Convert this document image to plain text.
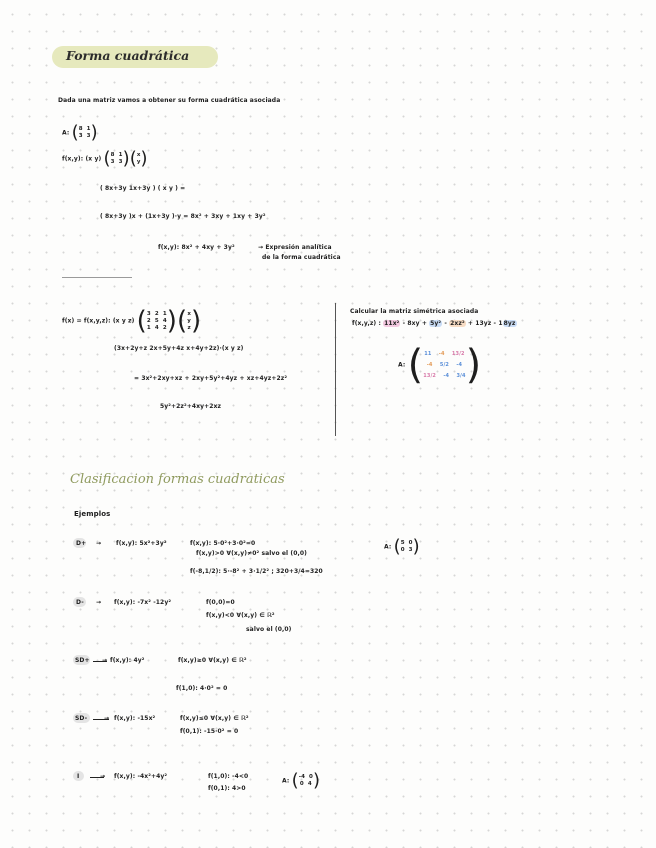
Forma cuadrática
Dada una matriz vamos a obtener su forma cuadrática asociada
A: ( 8 1
3 3 )
f(x,y): (x y) ( 8 1
3 3 )( x
y )
( 8x+3y 1x+3y ) ( x y ) =
( 8x+3y )x + (1x+3y )·y = 8x² + 3xy + 1xy + 3y²
f(x,y): 8x² + 4xy + 3y²	→ Expresión analítica
de la forma cuadrática
f(x) = f(x,y,z): (x y z) ( 3 2 1
2 5 4
1 4 2 )( x
y
z )
(3x+2y+z 2x+5y+4z x+4y+2z)·(x y z)
= 3x²+2xy+xz + 2xy+5y²+4yz + xz+4yz+2z²
5y²+2z²+4xy+2xz
Calcular la matriz simétrica asociada
f(x,y,z) : 11x² - 8xy + 5y² - 2xz² + 13yz - 18yz
A: ( 11 -4 13/2
-4 5/2 -4
13/2 -4 3/4 )
Clasificacion formas cuadraticas
Ejemplos
D+ → f(x,y): 5x²+3y²	f(x,y): 5·0²+3·0²=0
f(x,y)>0 ∀(x,y)≠0² salvo el (0,0)
f(-8,1/2): 5·-8² + 3·1/2² ; 320+3/4=320
A: ( 5 0
0 3 )
D- → f(x,y): -7x² -12y²	f(0,0)=0
f(x,y)<0 ∀(x,y) ∈ ℝ²
salvo el (0,0)
SD+ → f(x,y): 4y²	f(x,y)≥0 ∀(x,y) ∈ ℝ²
f(1,0): 4·0² = 0
SD-	→ f(x,y): -15x²	f(x,y)≤0 ∀(x,y) ∈ ℝ²
f(0,1): -15·0² = 0
I	→ f(x,y): -4x²+4y²	f(1,0): -4<0
f(0,1): 4>0
A: ( -4 0
0 4 )
